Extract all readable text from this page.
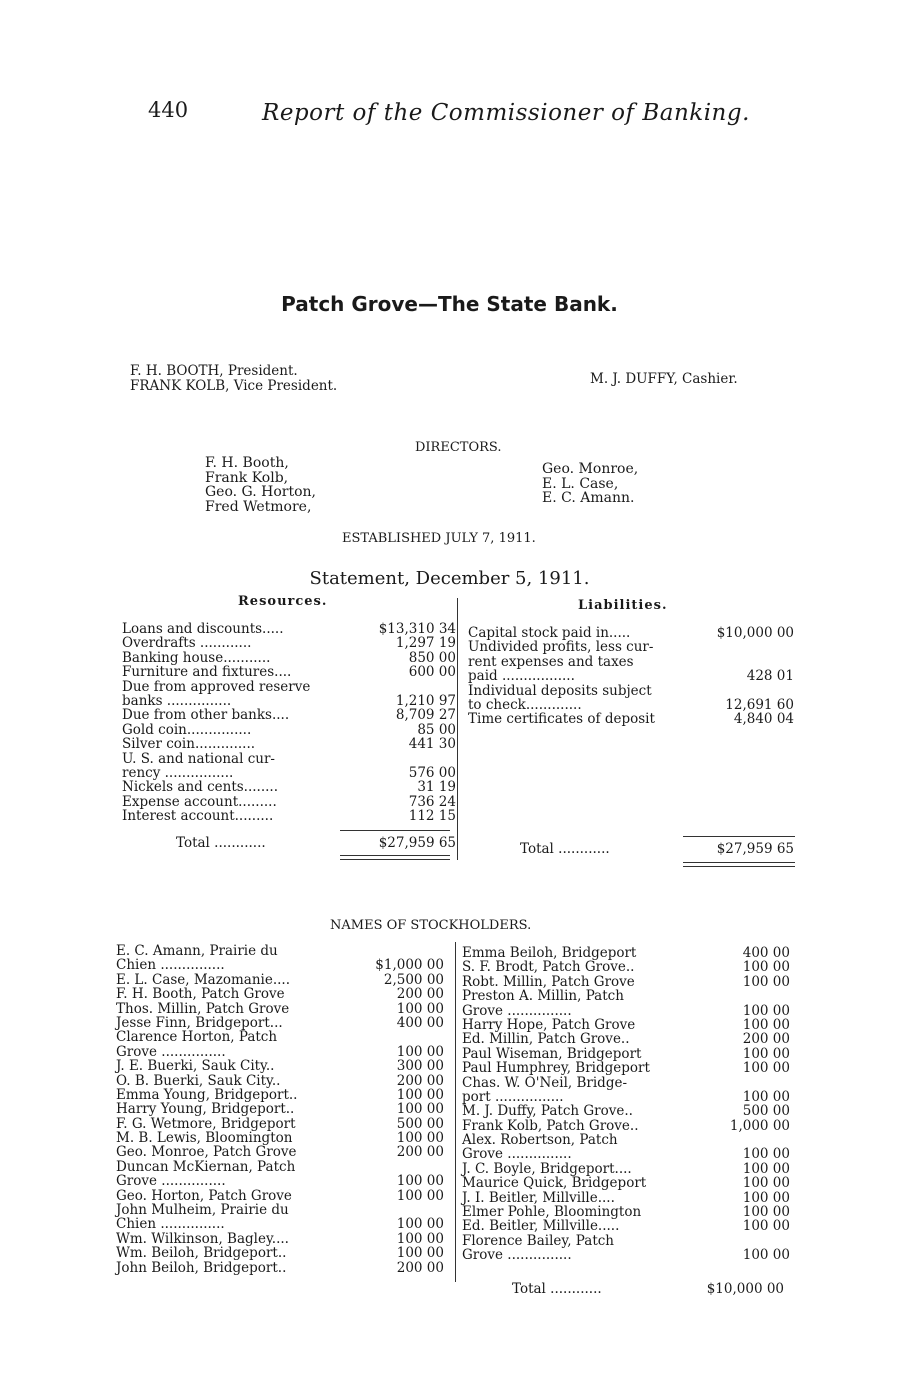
440	Report of the Commissioner of Banking.
Patch Grove—The State Bank.
F. H. BOOTH, President.
FRANK KOLB, Vice President.	M. J. DUFFY, Cashier.
DIRECTORS.
F. H. Booth,
Frank Kolb,
Geo. G. Horton,
Fred Wetmore,
Geo. Monroe,
E. L. Case,
E. C. Amann.
ESTABLISHED JULY 7, 1911.
Statement, December 5, 1911.
Resources.	Liabilities.
Loans and discounts.....	$13,310 34
Overdrafts ............	1,297 19
Banking house...........	850 00
Furniture and fixtures....	600 00
Due from approved reserve
banks ...............	1,210 97
Due from other banks....	8,709 27
Gold coin...............	85 00
Silver coin..............	441 30
U. S. and national cur-
rency ................	576 00
Nickels and cents........	31 19
Expense account.........	736 24
Interest account.........	112 15
Capital stock paid in.....	$10,000 00
Undivided profits, less cur-
rent expenses and taxes
paid .................	428 01
Individual deposits subject
to check.............	12,691 60
Time certificates of deposit	4,840 04
Total ............	$27,959 65	Total ............	$27,959 65
NAMES OF STOCKHOLDERS.
E. C. Amann, Prairie du
Chien ...............	$1,000 00
E. L. Case, Mazomanie....	2,500 00
F. H. Booth, Patch Grove	200 00
Thos. Millin, Patch Grove	100 00
Jesse Finn, Bridgeport...	400 00
Clarence Horton, Patch
Grove ...............	100 00
J. E. Buerki, Sauk City..	300 00
O. B. Buerki, Sauk City..	200 00
Emma Young, Bridgeport..	100 00
Harry Young, Bridgeport..	100 00
F. G. Wetmore, Bridgeport	500 00
M. B. Lewis, Bloomington	100 00
Geo. Monroe, Patch Grove	200 00
Duncan McKiernan, Patch
Grove ...............	100 00
Geo. Horton, Patch Grove	100 00
John Mulheim, Prairie du
Chien ...............	100 00
Wm. Wilkinson, Bagley....	100 00
Wm. Beiloh, Bridgeport..	100 00
John Beiloh, Bridgeport..	200 00
Emma Beiloh, Bridgeport	400 00
S. F. Brodt, Patch Grove..	100 00
Robt. Millin, Patch Grove	100 00
Preston A. Millin, Patch
Grove ...............	100 00
Harry Hope, Patch Grove	100 00
Ed. Millin, Patch Grove..	200 00
Paul Wiseman, Bridgeport	100 00
Paul Humphrey, Bridgeport	100 00
Chas. W. O'Neil, Bridge-
port ................	100 00
M. J. Duffy, Patch Grove..	500 00
Frank Kolb, Patch Grove..	1,000 00
Alex. Robertson, Patch
Grove ...............	100 00
J. C. Boyle, Bridgeport....	100 00
Maurice Quick, Bridgeport	100 00
J. I. Beitler, Millville....	100 00
Elmer Pohle, Bloomington	100 00
Ed. Beitler, Millville.....	100 00
Florence Bailey, Patch
Grove ...............	100 00
Total ............	$10,000 00
